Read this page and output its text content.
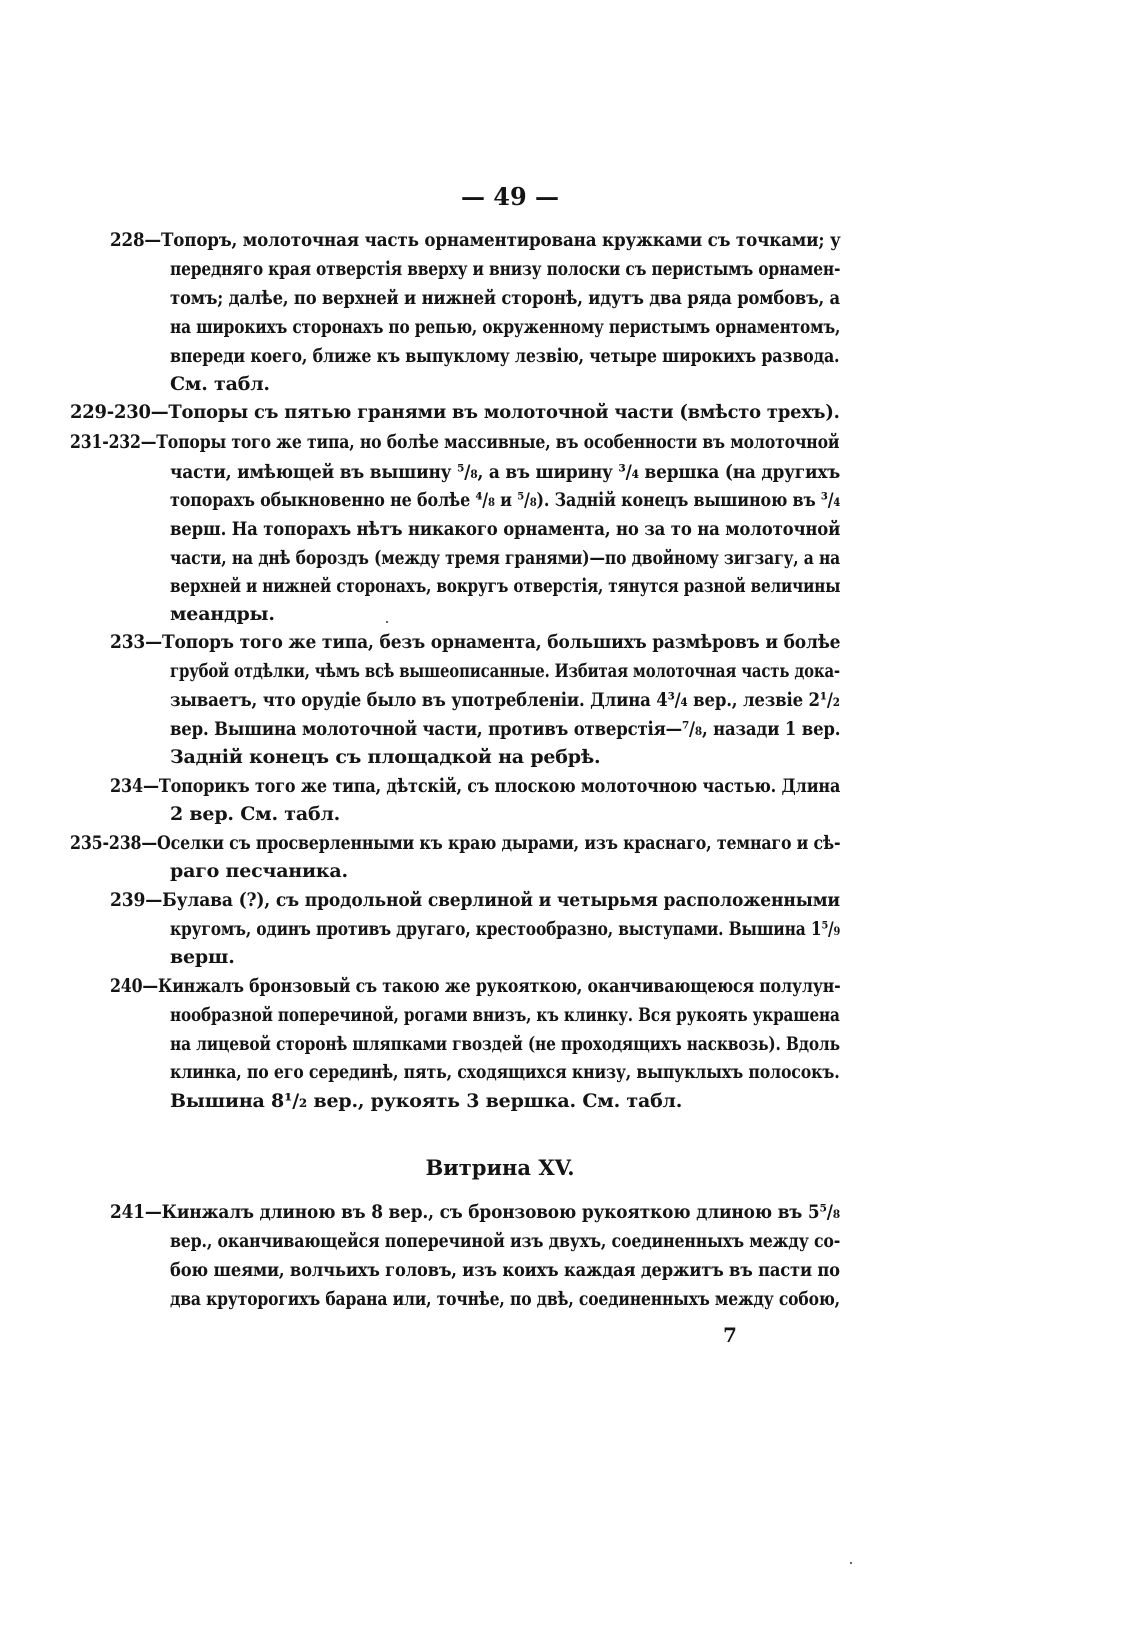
— 49 —
228—Топоръ, молоточная часть орнаментирована кружками съ точками; у
передняго края отверстія вверху и внизу полоски съ перистымъ орнамен-
томъ; далѣе, по верхней и нижней сторонѣ, идутъ два ряда ромбовъ, а
на широкихъ сторонахъ по репью, окруженному перистымъ орнаментомъ,
впереди коего, ближе къ выпуклому лезвію, четыре широкихъ развода.
См. табл.
229-230—Топоры съ пятью гранями въ молоточной части (вмѣсто трехъ).
231-232—Топоры того же типа, но болѣе массивные, въ особенности въ молоточной
части, имѣющей въ вышину ⁵/₈, а въ ширину ³/₄ вершка (на другихъ
топорахъ обыкновенно не болѣе ⁴/₈ и ⁵/₈). Задній конецъ вышиною въ ³/₄
верш. На топорахъ нѣтъ никакого орнамента, но за то на молоточной
части, на днѣ бороздъ (между тремя гранями)—по двойному зигзагу, а на
верхней и нижней сторонахъ, вокругъ отверстія, тянутся разной величины
меандры.
233—Топоръ того же типа, безъ орнамента, большихъ размѣровъ и болѣе
грубой отдѣлки, чѣмъ всѣ вышеописанные. Избитая молоточная часть дока-
зываетъ, что орудіе было въ употребленіи. Длина 4³/₄ вер., лезвіе 2¹/₂
вер. Вышина молоточной части, противъ отверстія—⁷/₈, назади 1 вер.
Задній конецъ съ площадкой на ребрѣ.
234—Топорикъ того же типа, дѣтскій, съ плоскою молоточною частью. Длина
2 вер. См. табл.
235-238—Оселки съ просверленными къ краю дырами, изъ краснаго, темнаго и сѣ-
раго песчаника.
239—Булава (?), съ продольной сверлиной и четырьмя расположенными
кругомъ, одинъ противъ другаго, крестообразно, выступами. Вышина 1⁵/₉
верш.
240—Кинжалъ бронзовый съ такою же рукояткою, оканчивающеюся полулун-
нообразной поперечиной, рогами внизъ, къ клинку. Вся рукоять украшена
на лицевой сторонѣ шляпками гвоздей (не проходящихъ насквозь). Вдоль
клинка, по его серединѣ, пять, сходящихся книзу, выпуклыхъ полосокъ.
Вышина 8¹/₂ вер., рукоять 3 вершка. См. табл.
Витрина XV.
241—Кинжалъ длиною въ 8 вер., съ бронзовою рукояткою длиною въ 5⁵/₈
вер., оканчивающейся поперечиной изъ двухъ, соединенныхъ между со-
бою шеями, волчьихъ головъ, изъ коихъ каждая держитъ въ пасти по
два круторогихъ барана или, точнѣе, по двѣ, соединенныхъ между собою,
7
